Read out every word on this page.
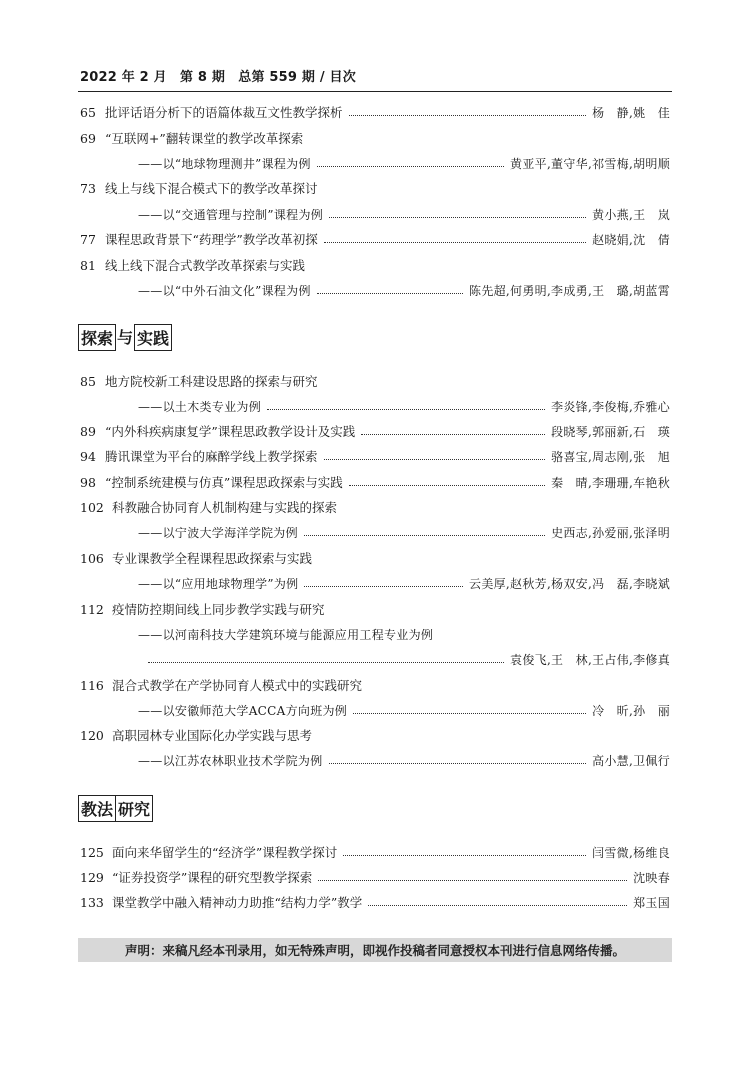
2022 年 2 月　第 8 期　总第 559 期 / 目次
65 批评话语分析下的语篇体裁互文性教学探析	杨　静,姚　佳
69 “互联网+”翻转课堂的教学改革探索
——以“地球物理测井”课程为例	黄亚平,董守华,祁雪梅,胡明顺
73 线上与线下混合模式下的教学改革探讨
——以“交通管理与控制”课程为例	黄小燕,王　岚
77 课程思政背景下“药理学”教学改革初探	赵晓娟,沈　倩
81 线上线下混合式教学改革探索与实践
——以“中外石油文化”课程为例	陈先超,何勇明,李成勇,王　璐,胡蓝霄
探索 与 实践
85 地方院校新工科建设思路的探索与研究
——以土木类专业为例	李炎锋,李俊梅,乔雅心
89 “内外科疾病康复学”课程思政教学设计及实践	段晓琴,郭丽新,石　瑛
94 腾讯课堂为平台的麻醉学线上教学探索	骆喜宝,周志刚,张　旭
98 “控制系统建模与仿真”课程思政探索与实践	秦　晴,李珊珊,车艳秋
102 科教融合协同育人机制构建与实践的探索
——以宁波大学海洋学院为例	史西志,孙爱丽,张泽明
106 专业课教学全程课程思政探索与实践
——以“应用地球物理学”为例	云美厚,赵秋芳,杨双安,冯　磊,李晓斌
112 疫情防控期间线上同步教学实践与研究
——以河南科技大学建筑环境与能源应用工程专业为例
袁俊飞,王　林,王占伟,李修真
116 混合式教学在产学协同育人模式中的实践研究
——以安徽师范大学ACCA方向班为例	冷　昕,孙　丽
120 高职园林专业国际化办学实践与思考
——以江苏农林职业技术学院为例	高小慧,卫佩行
教法 研究
125 面向来华留学生的“经济学”课程教学探讨	闫雪微,杨维良
129 “证券投资学”课程的研究型教学探索	沈映春
133 课堂教学中融入精神动力助推“结构力学”教学	郑玉国
声明：来稿凡经本刊录用，如无特殊声明，即视作投稿者同意授权本刊进行信息网络传播。
